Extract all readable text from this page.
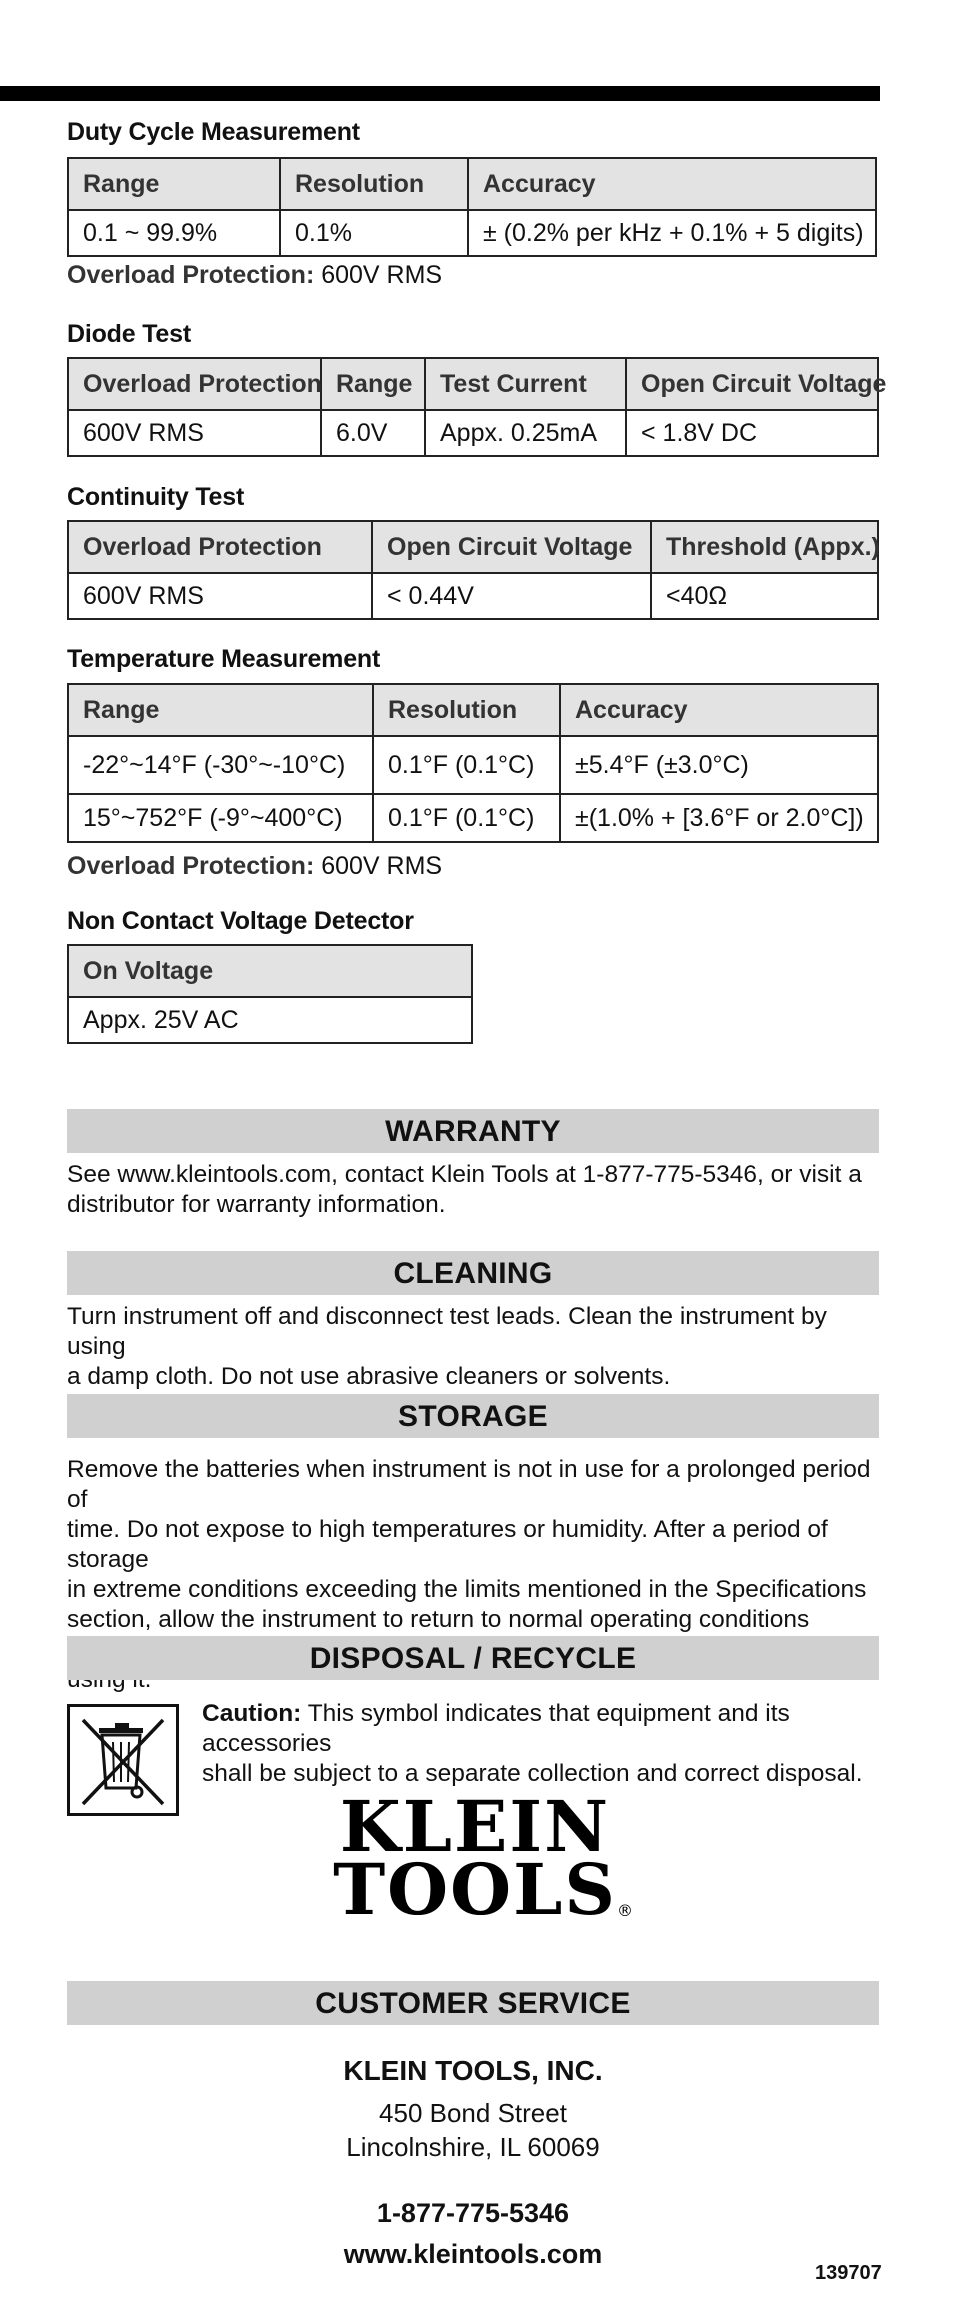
Duty Cycle Measurement
Range	Resolution	Accuracy
0.1 ~ 99.9%	0.1%	± (0.2% per kHz + 0.1% + 5 digits)
Overload Protection: 600V RMS
Diode Test
Overload Protection	Range	Test Current	Open Circuit Voltage
600V RMS	6.0V	Appx. 0.25mA	< 1.8V DC
Continuity Test
Overload Protection	Open Circuit Voltage	Threshold (Appx.)
600V RMS	< 0.44V	<40Ω
Temperature Measurement
Range	Resolution	Accuracy
-22°~14°F (-30°~-10°C)	0.1°F (0.1°C)	±5.4°F (±3.0°C)
15°~752°F (-9°~400°C)	0.1°F (0.1°C)	±(1.0% + [3.6°F or 2.0°C])
Overload Protection: 600V RMS
Non Contact Voltage Detector
On Voltage
Appx. 25V AC
WARRANTY
See www.kleintools.com, contact Klein Tools at 1-877-775-5346, or visit a
distributor for warranty information.
CLEANING
Turn instrument off and disconnect test leads. Clean the instrument by using
a damp cloth. Do not use abrasive cleaners or solvents.
STORAGE
Remove the batteries when instrument is not in use for a prolonged period of
time. Do not expose to high temperatures or humidity. After a period of storage
in extreme conditions exceeding the limits mentioned in the Specifications
section, allow the instrument to return to normal operating conditions
DISPOSAL / RECYCLE
Caution: This symbol indicates that equipment and its accessories
shall be subject to a separate collection and correct disposal.
KLEIN
TOOLS ®
CUSTOMER SERVICE
KLEIN TOOLS, INC.
450 Bond Street
Lincolnshire, IL 60069
1-877-775-5346
www.kleintools.com
139707
